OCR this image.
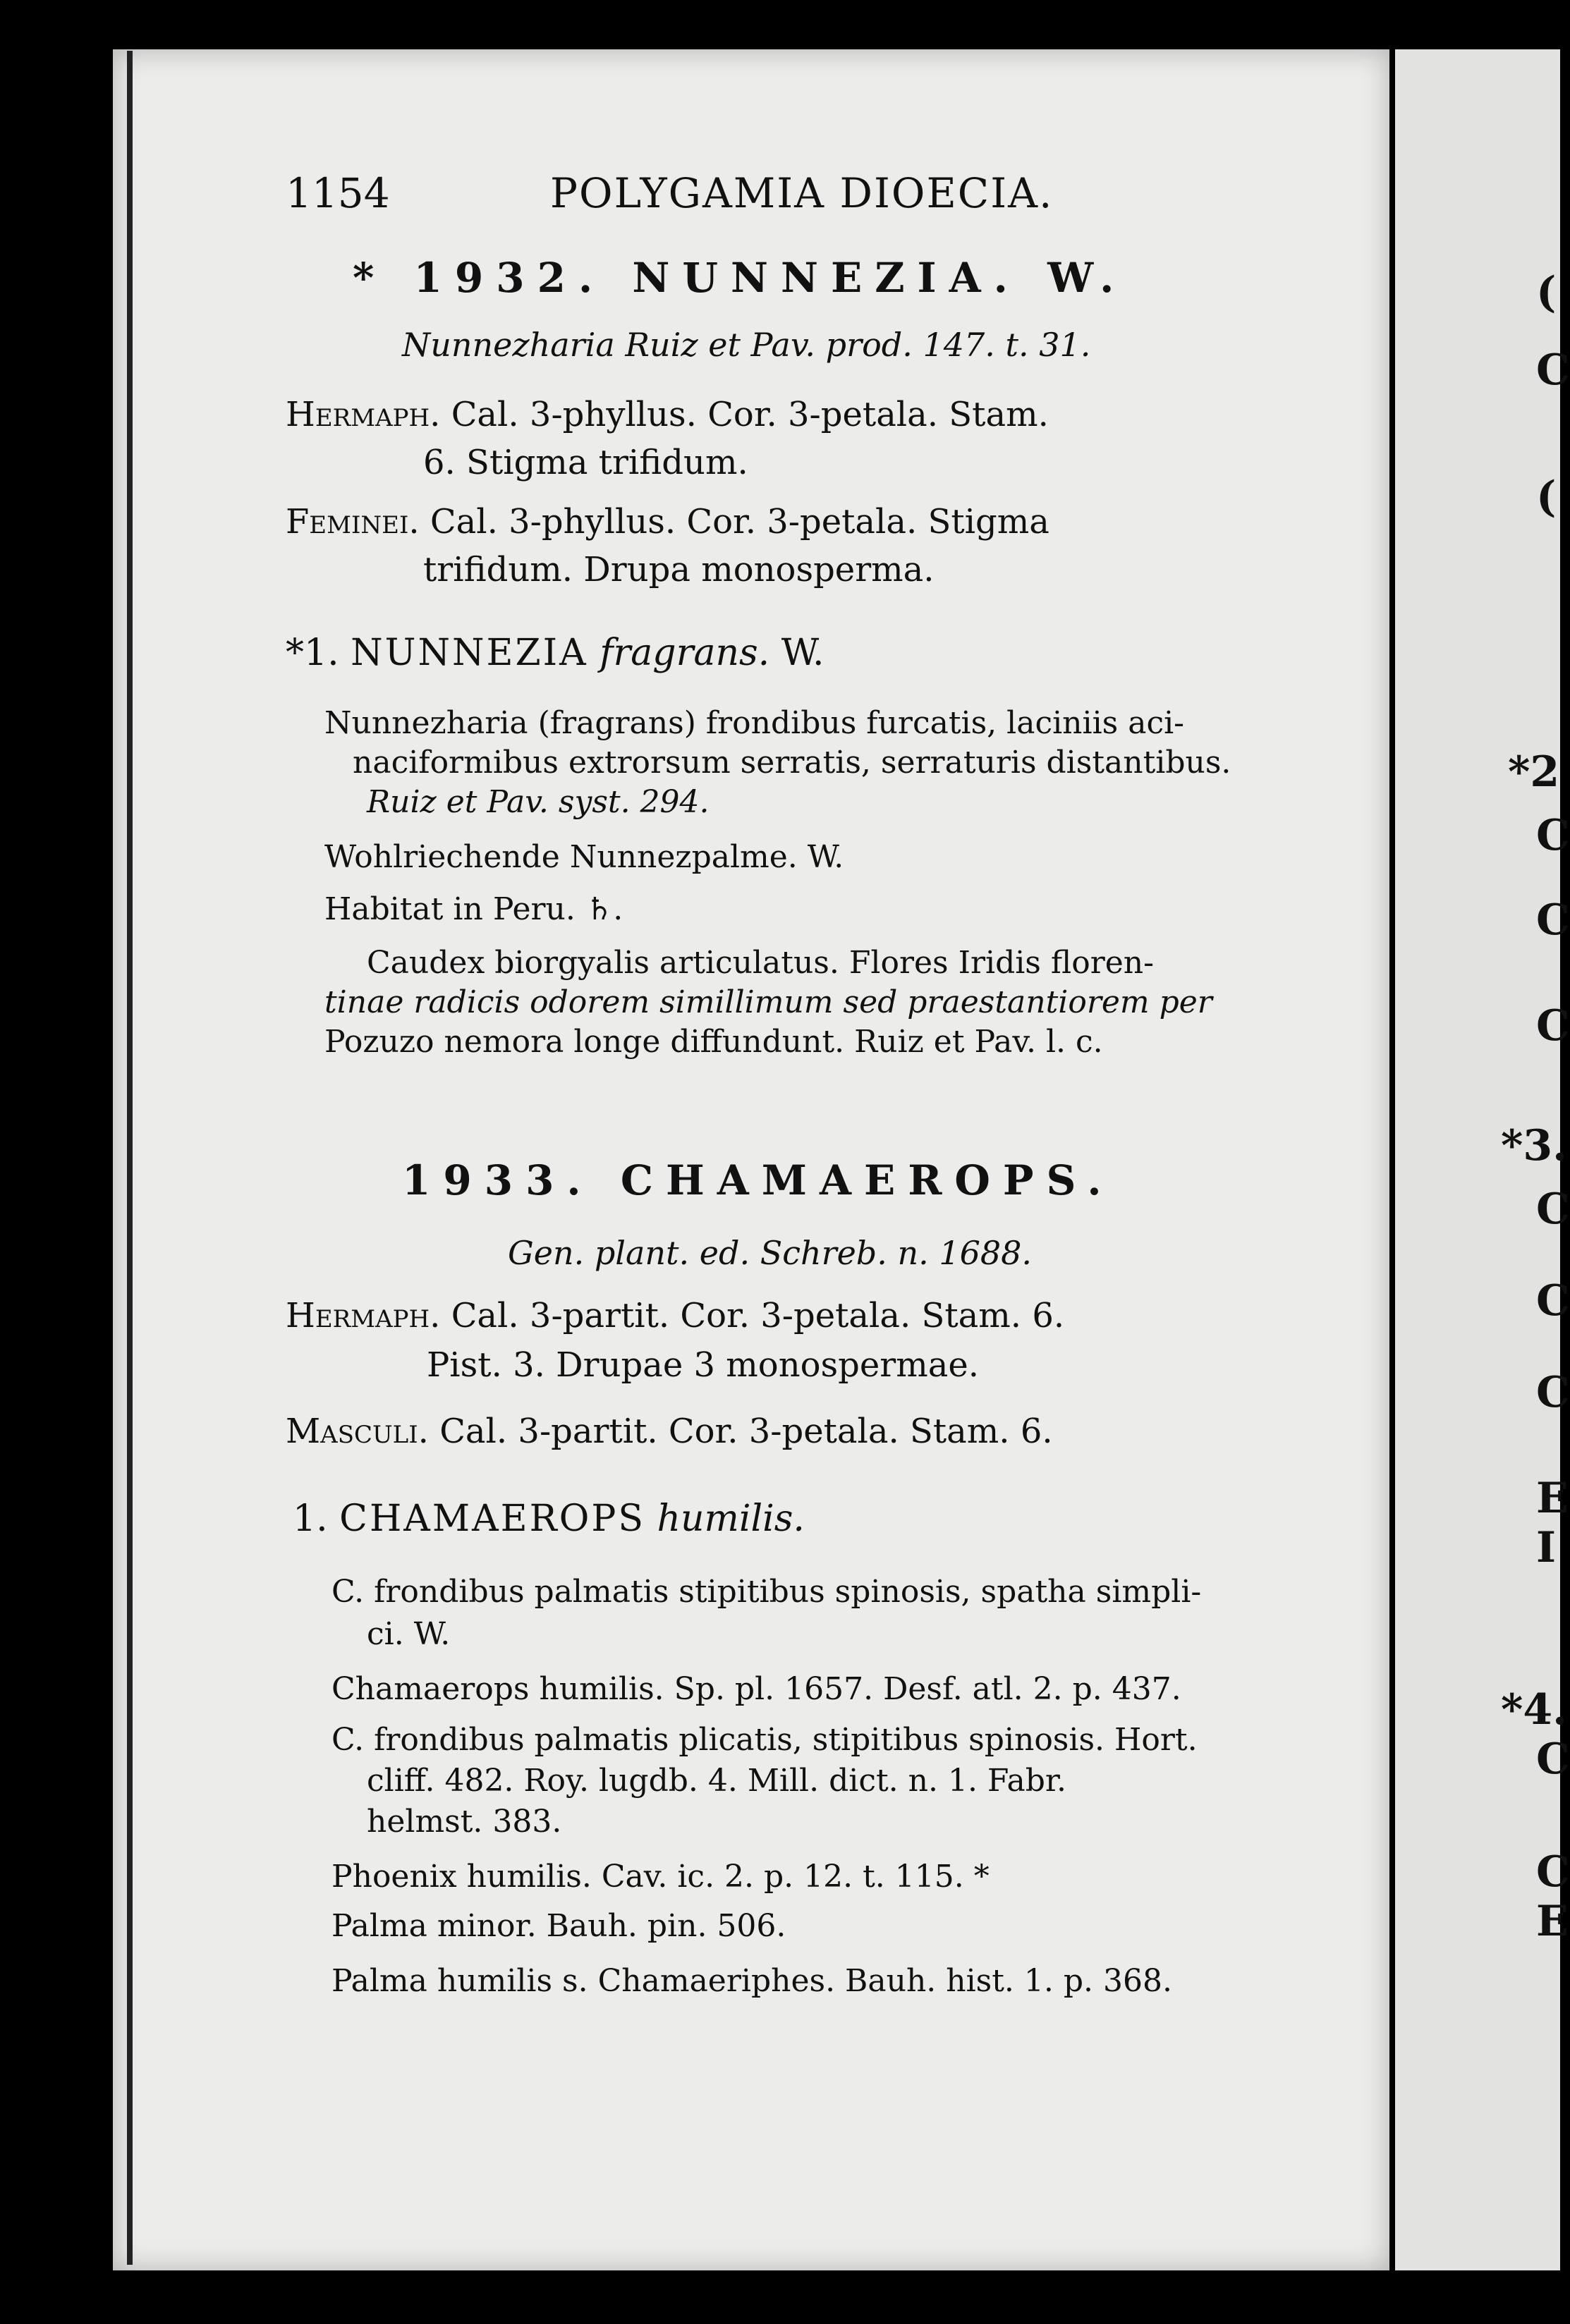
(
C
(
*2
C
C
C
*3.
C
C
C
E
I
*4.
C
C
E
1154	POLYGAMIA DIOECIA.
* 1932. NUNNEZIA. W.
Nunnezharia Ruiz et Pav. prod. 147. t. 31.
Hermaph. Cal. 3-phyllus. Cor. 3-petala. Stam.
6. Stigma trifidum.
Feminei. Cal. 3-phyllus. Cor. 3-petala. Stigma
trifidum. Drupa monosperma.
*1. NUNNEZIA fragrans. W.
Nunnezharia (fragrans) frondibus furcatis, laciniis aci-
naciformibus extrorsum serratis, serraturis distantibus.
Ruiz et Pav. syst. 294.
Wohlriechende Nunnezpalme. W.
Habitat in Peru. ♄.
Caudex biorgyalis articulatus. Flores Iridis floren-
tinae radicis odorem simillimum sed praestantiorem per
Pozuzo nemora longe diffundunt. Ruiz et Pav. l. c.
1933. CHAMAEROPS.
Gen. plant. ed. Schreb. n. 1688.
Hermaph. Cal. 3-partit. Cor. 3-petala. Stam. 6.
Pist. 3. Drupae 3 monospermae.
Masculi. Cal. 3-partit. Cor. 3-petala. Stam. 6.
1. CHAMAEROPS humilis.
C. frondibus palmatis stipitibus spinosis, spatha simpli-
ci. W.
Chamaerops humilis. Sp. pl. 1657. Desf. atl. 2. p. 437.
C. frondibus palmatis plicatis, stipitibus spinosis. Hort.
cliff. 482. Roy. lugdb. 4. Mill. dict. n. 1. Fabr.
helmst. 383.
Phoenix humilis. Cav. ic. 2. p. 12. t. 115. *
Palma minor. Bauh. pin. 506.
Palma humilis s. Chamaeriphes. Bauh. hist. 1. p. 368.
